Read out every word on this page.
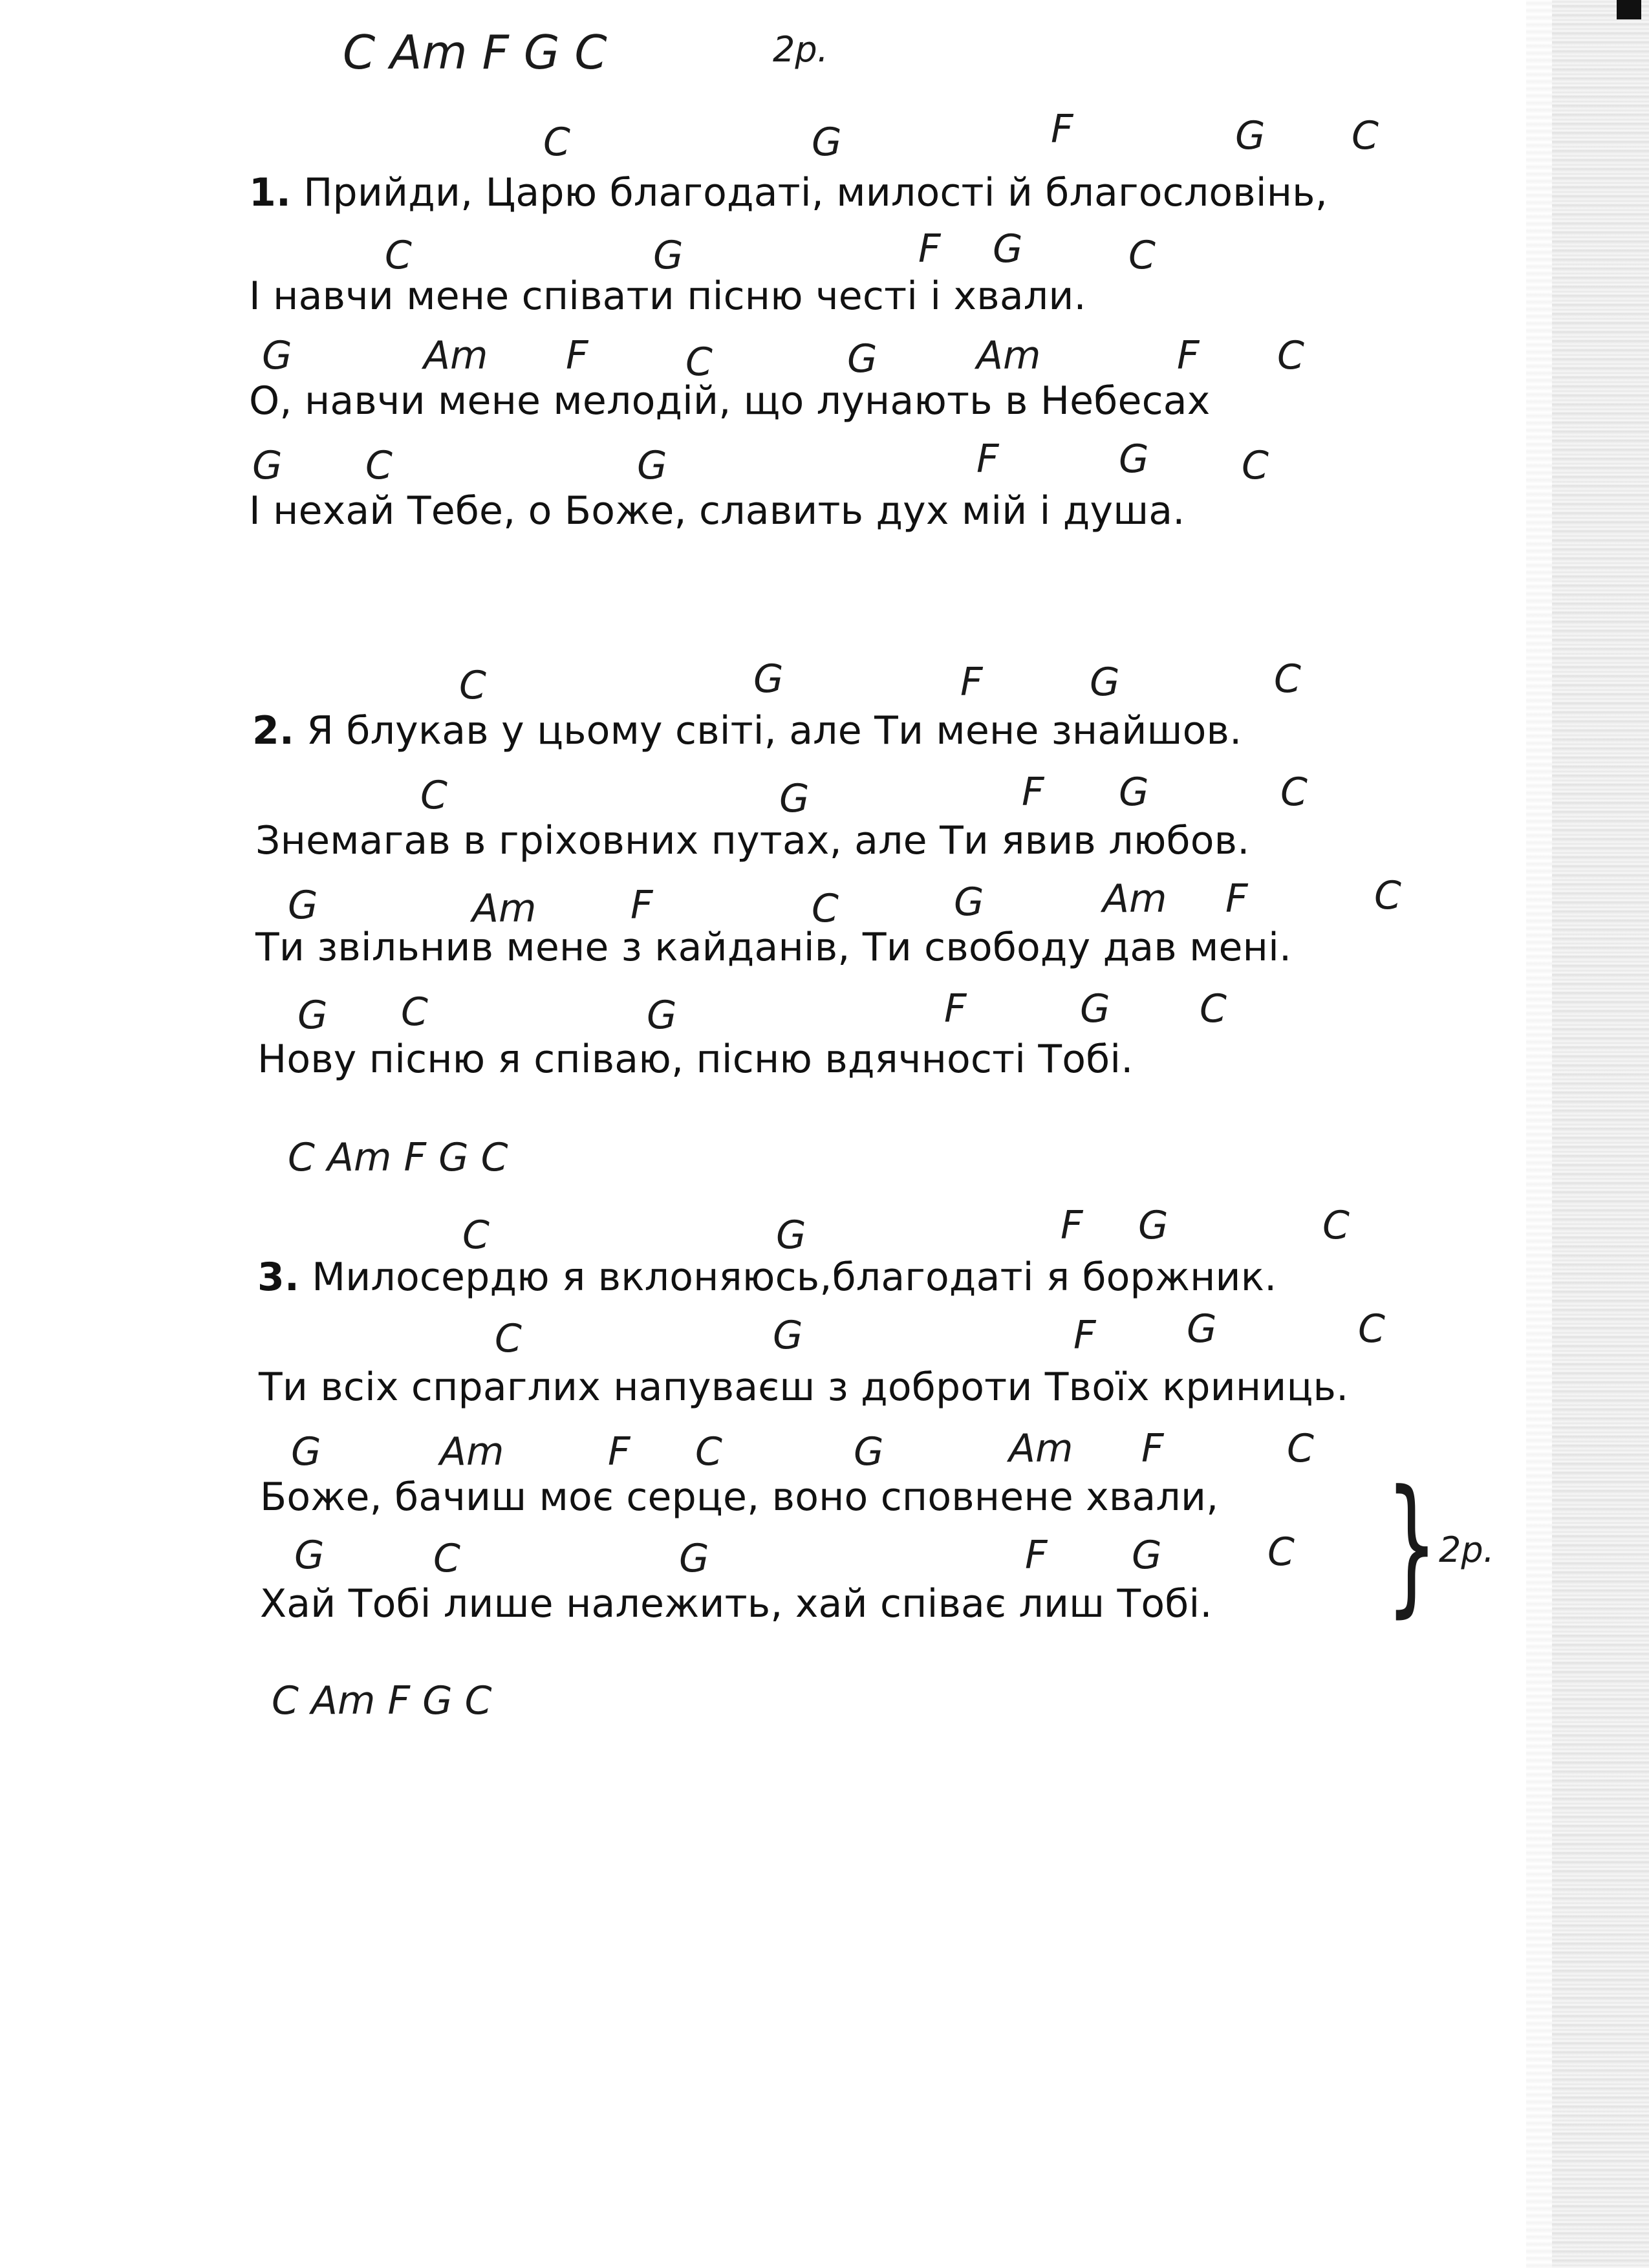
C Am F G C	2р.
C	G	F	G C
1. Прийди, Царю благодаті, милості й благословінь,
C	G	F G	C
І навчи мене співати пісню честі і хвали.
G	Am F	C	G	Am	F C
О, навчи мене мелодій, що лунають в Небесах
G C	G	F	G C
І нехай Тебе, о Боже, славить дух мій і душа.
C	G	F	G	C
2. Я блукав у цьому світі, але Ти мене знайшов.
C	G	F G	C
Знемагав в гріховних путах, але Ти явив любов.
G	Am F	C	G	Am F	C
Ти звільнив мене з кайданів, Ти свободу дав мені.
G C	G	F	G C
Нову пісню я співаю, пісню вдячності Тобі.
C Am F G C
C	G	F G	C
3. Милосердю я вклоняюсь,благодаті я боржник.
C	G	F G	C
Ти всіх спраглих напуваєш з доброти Твоїх криниць.
G	Am	F C	G	Am F	C
Боже, бачиш моє серце, воно сповнене хвали,
G	C	G	F G	C
Хай Тобі лише належить, хай співає лиш Тобі. } 2р.
C Am F G C
